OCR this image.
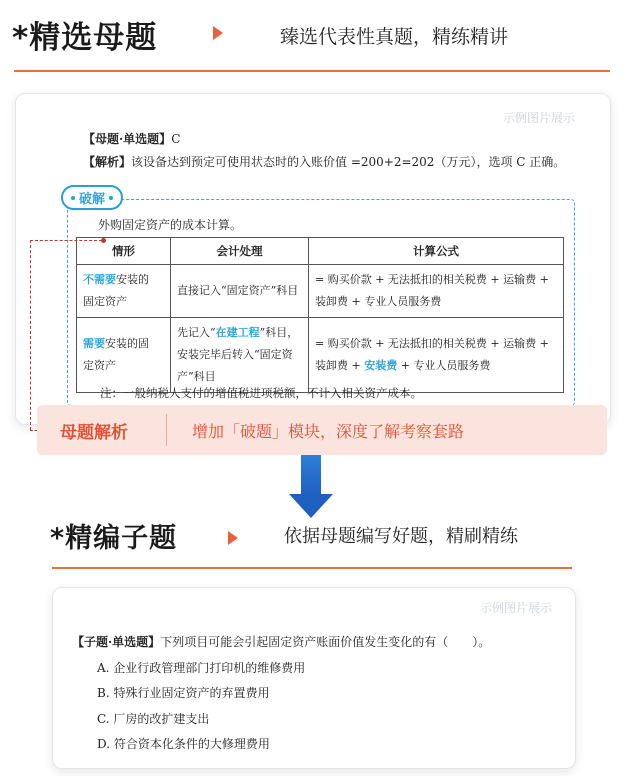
*精选母题	臻选代表性真题，精练精讲
示例图片展示
【母题·单选题】C
【解析】该设备达到预定可使用状态时的入账价值 =200+2=202（万元），选项 C 正确。
破解
外购固定资产的成本计算。
情形	会计处理	计算公式
不需要安装的
固定资产	直接记入“固定资产”科目	= 购买价款 + 无法抵扣的相关税费 + 运输费 + 装卸费 + 专业人员服务费
需要安装的固
定资产	先记入“在建工程”科目，安装完毕后转入“固定资产”科目	= 购买价款 + 无法抵扣的相关税费 + 运输费 + 装卸费 + 安装费 + 专业人员服务费
注：一般纳税人支付的增值税进项税额，不计入相关资产成本。
母题解析	增加「破题」模块，深度了解考察套路
*精编子题	依据母题编写好题，精刷精练
示例图片展示
【子题·单选题】下列项目可能会引起固定资产账面价值发生变化的有（　　）。
A. 企业行政管理部门打印机的维修费用
B. 特殊行业固定资产的弃置费用
C. 厂房的改扩建支出
D. 符合资本化条件的大修理费用
